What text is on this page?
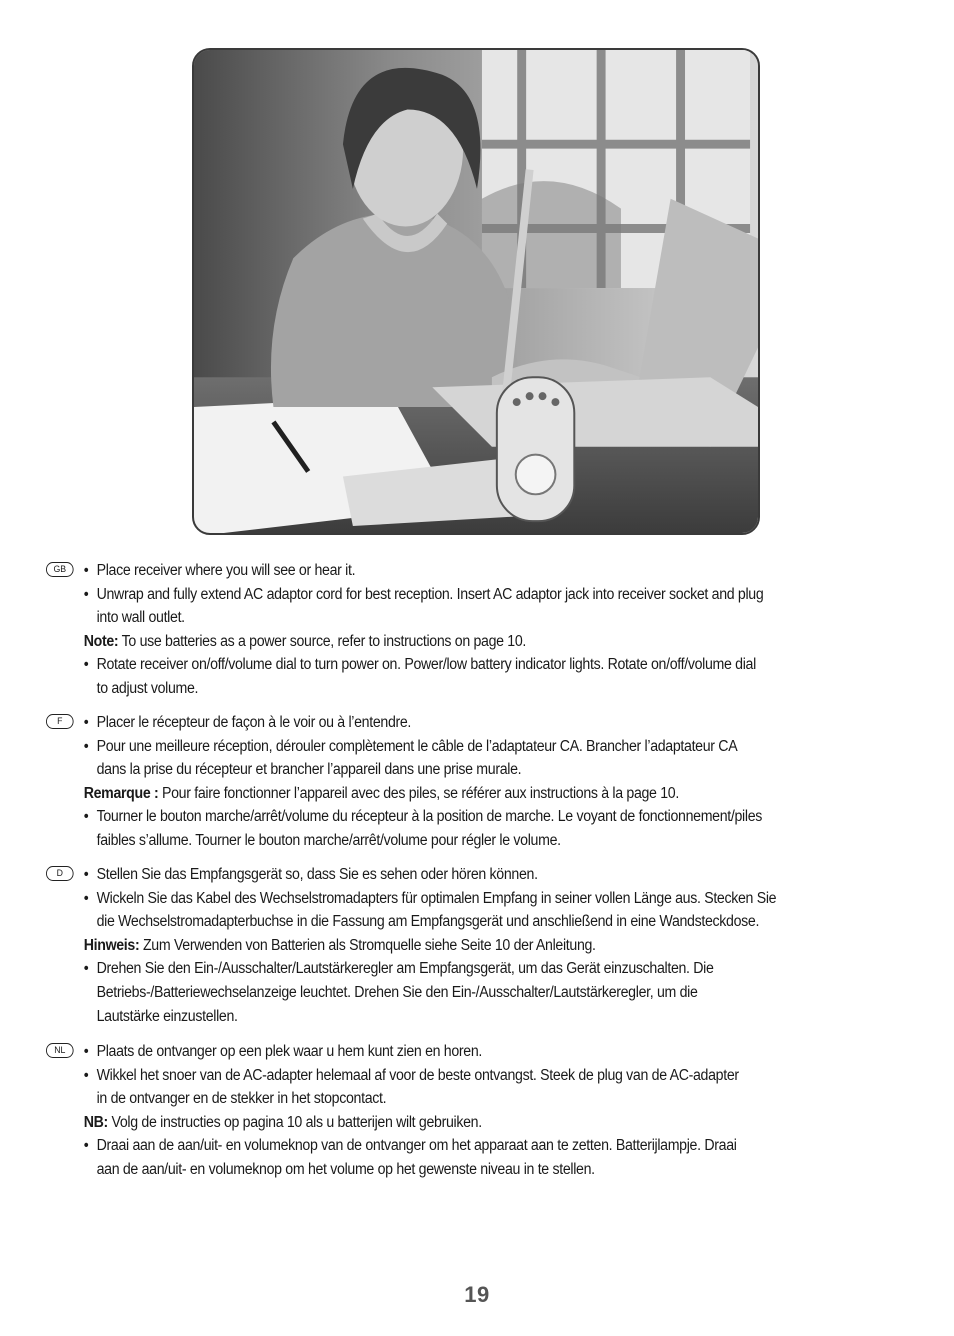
GB	• Place receiver where you will see or hear it.
• Unwrap and fully extend AC adaptor cord for best reception. Insert AC adaptor jack into receiver socket and plug
into wall outlet.
Note: To use batteries as a power source, refer to instructions on page 10.
• Rotate receiver on/off/volume dial to turn power on. Power/low battery indicator lights. Rotate on/off/volume dial
to adjust volume.
F	• Placer le récepteur de façon à le voir ou à l’entendre.
• Pour une meilleure réception, dérouler complètement le câble de l’adaptateur CA. Brancher l’adaptateur CA
dans la prise du récepteur et brancher l’appareil dans une prise murale.
Remarque : Pour faire fonctionner l’appareil avec des piles, se référer aux instructions à la page 10.
• Tourner le bouton marche/arrêt/volume du récepteur à la position de marche. Le voyant de fonctionnement/piles
faibles s’allume. Tourner le bouton marche/arrêt/volume pour régler le volume.
D	• Stellen Sie das Empfangsgerät so, dass Sie es sehen oder hören können.
• Wickeln Sie das Kabel des Wechselstromadapters für optimalen Empfang in seiner vollen Länge aus. Stecken Sie
die Wechselstromadapterbuchse in die Fassung am Empfangsgerät und anschließend in eine Wandsteckdose.
Hinweis: Zum Verwenden von Batterien als Stromquelle siehe Seite 10 der Anleitung.
• Drehen Sie den Ein-/Ausschalter/Lautstärkeregler am Empfangsgerät, um das Gerät einzuschalten. Die
Betriebs-/Batteriewechselanzeige leuchtet. Drehen Sie den Ein-/Ausschalter/Lautstärkeregler, um die
Lautstärke einzustellen.
NL	• Plaats de ontvanger op een plek waar u hem kunt zien en horen.
• Wikkel het snoer van de AC-adapter helemaal af voor de beste ontvangst. Steek de plug van de AC-adapter
in de ontvanger en de stekker in het stopcontact.
NB: Volg de instructies op pagina 10 als u batterijen wilt gebruiken.
• Draai aan de aan/uit- en volumeknop van de ontvanger om het apparaat aan te zetten. Batterijlampje. Draai
aan de aan/uit- en volumeknop om het volume op het gewenste niveau in te stellen.
19
